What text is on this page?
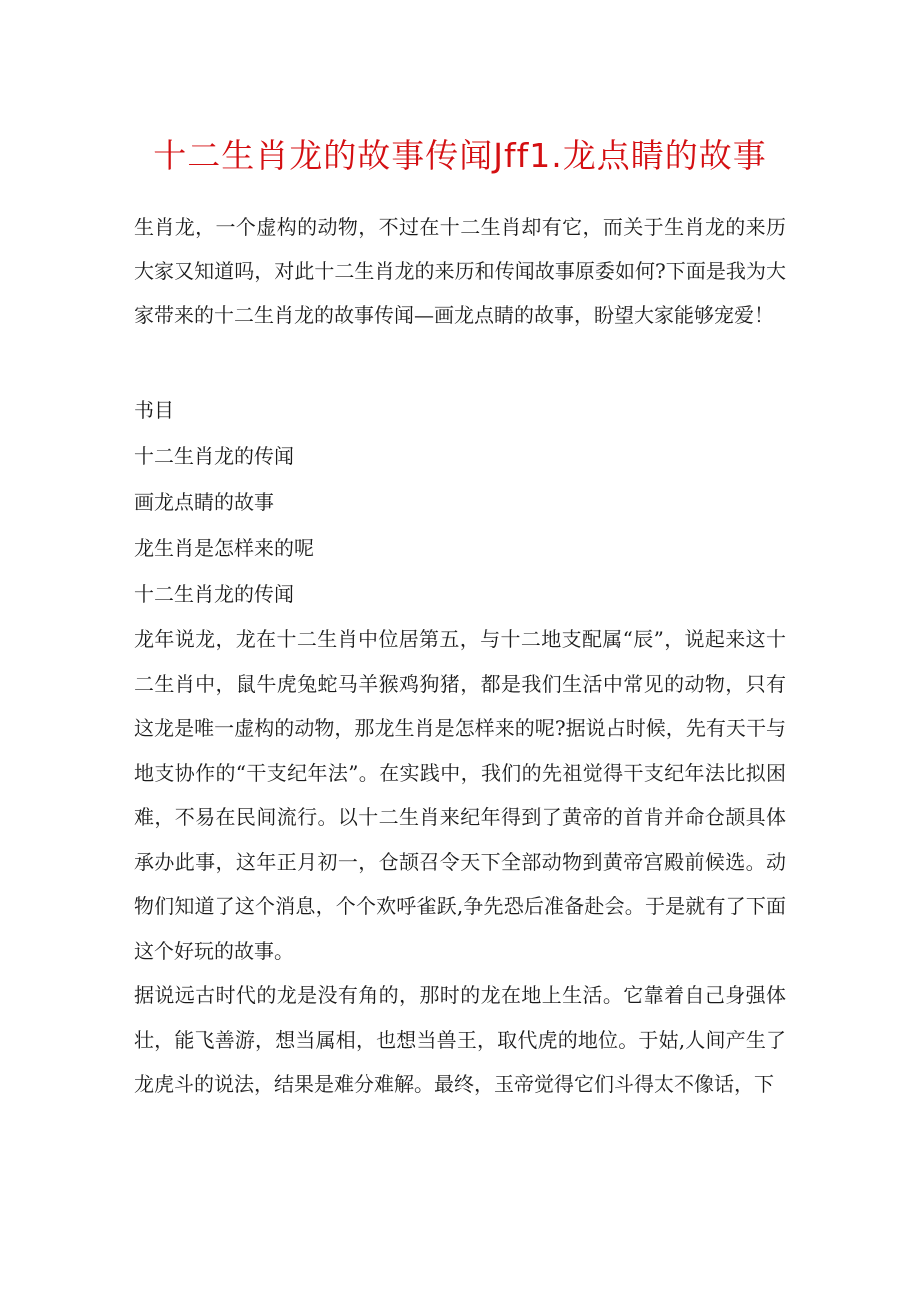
十二生肖龙的故事传闻Jff1.龙点睛的故事

生肖龙，一个虚构的动物，不过在十二生肖却有它，而关于生肖龙的来历大家又知道吗，对此十二生肖龙的来历和传闻故事原委如何?下面是我为大家带来的十二生肖龙的故事传闻—画龙点睛的故事，盼望大家能够宠爱！

书目

十二生肖龙的传闻

画龙点睛的故事

龙生肖是怎样来的呢

十二生肖龙的传闻

龙年说龙，龙在十二生肖中位居第五，与十二地支配属“辰”，说起来这十二生肖中，鼠牛虎兔蛇马羊猴鸡狗猪，都是我们生活中常见的动物，只有这龙是唯一虚构的动物，那龙生肖是怎样来的呢?据说占时候，先有天干与地支协作的“干支纪年法”。在实践中，我们的先祖觉得干支纪年法比拟困难，不易在民间流行。以十二生肖来纪年得到了黄帝的首肯并命仓颉具体承办此事，这年正月初一，仓颉召令天下全部动物到黄帝宫殿前候选。动物们知道了这个消息，个个欢呼雀跃,争先恐后准备赴会。于是就有了下面这个好玩的故事。

据说远古时代的龙是没有角的，那时的龙在地上生活。它靠着自己身强体壮，能飞善游，想当属相，也想当兽王，取代虎的地位。于姑,人间产生了龙虎斗的说法，结果是难分难解。最终，玉帝觉得它们斗得太不像话，下
